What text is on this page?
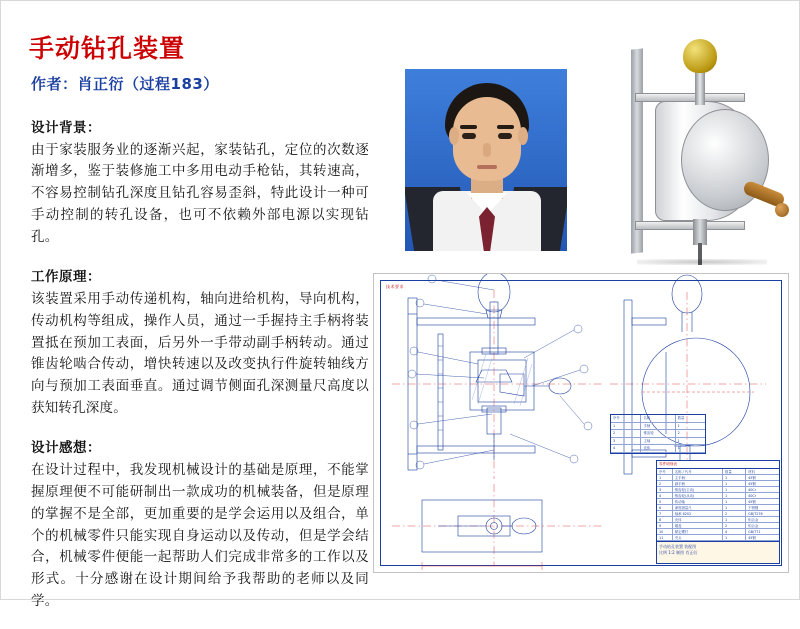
手动钻孔装置
作者：肖正衍（过程183）
设计背景：

由于家装服务业的逐渐兴起，家装钻孔，定位的次数逐渐增多，鉴于装修施工中多用电动手枪钻，其转速高，不容易控制钻孔深度且钻孔容易歪斜，特此设计一种可手动控制的转孔设备，也可不依赖外部电源以实现钻孔。

工作原理：

该装置采用手动传递机构，轴向进给机构，导向机构，传动机构等组成，操作人员，通过一手握持主手柄将装置抵在预加工表面，后另外一手带动副手柄转动。通过锥齿轮啮合传动，增快转速以及改变执行件旋转轴线方向与预加工表面垂直。通过调节侧面孔深测量尺高度以获知转孔深度。

设计感想：

在设计过程中，我发现机械设计的基础是原理，不能掌握原理便不可能研制出一款成功的机械装备，但是原理的掌握不是全部，更加重要的是学会运用以及组合，单个的机械零件只能实现自身运动以及传动，但是学会结合，机械零件便能一起帮助人们完成非常多的工作以及形式。十分感谢在设计期间给予我帮助的老师以及同学。

技术要求
序号	名称	数量
1	手柄	1
2	锥齿轮	2
3	主轴	1
4	壳体	1
零件明细表
序号	名称 / 代号	数量	材料
1	主手柄	1	45钢
2	副手柄	1	45钢
3	锥齿轮(主动)	1	40Cr
4	锥齿轮(从动)	1	40Cr
5	传动轴	1	45钢
6	深度测量尺	1	不锈钢
7	轴承 6202	2	GB/T276
8	壳体	1	铝合金
9	端盖	2	铝合金
10	紧定螺钉	4	GB/T71
11	夹头	1	45钢
手动钻孔装置 装配图
比例 1:2 制图 肖正衍
